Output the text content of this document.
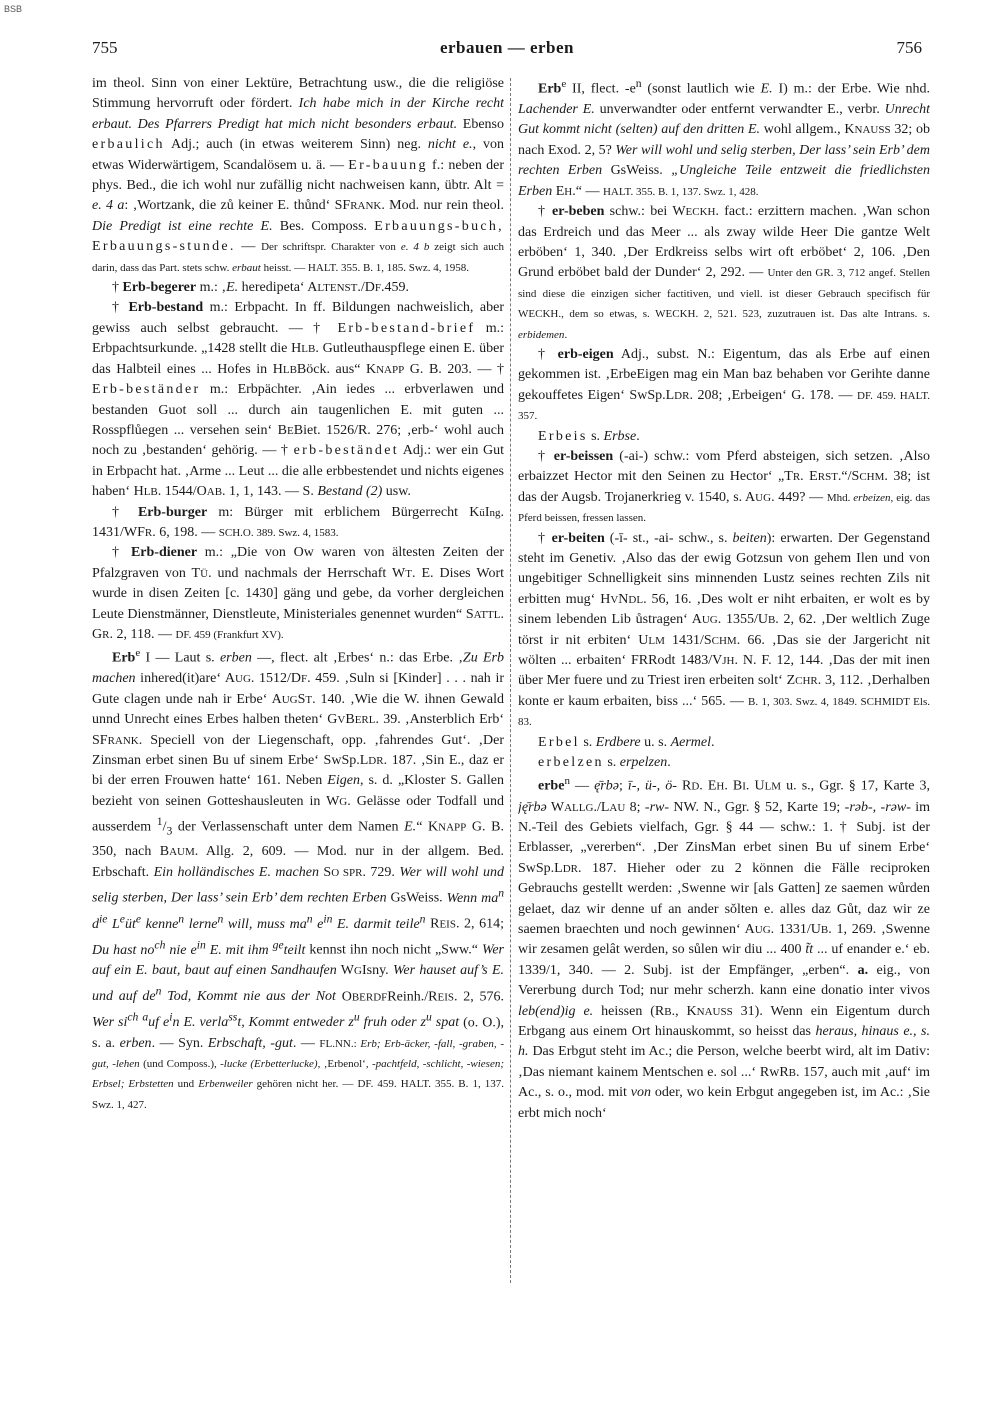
BSB
755	erbauen — erben	756

im theol. Sinn von einer Lektüre, Betrachtung usw., die die religiöse Stimmung hervorruft oder fördert. Ich habe mich in der Kirche recht erbaut. Des Pfarrers Predigt hat mich nicht besonders erbaut. Ebenso erbaulich Adj.; auch (in etwas weiterem Sinn) neg. nicht e., von etwas Widerwärtigem, Scandalösem u. ä. — Er-bauung f.: neben der phys. Bed., die ich wohl nur zufällig nicht nachweisen kann, übtr. Alt = e. 4 a: ‚Wortzank, die zů keiner E. thůnd‘ SFRANK. Mod. nur rein theol. Die Predigt ist eine rechte E. Bes. Composs. Erbauungs-buch, Erbauungs-stunde. — Der schriftspr. Charakter von e. 4 b zeigt sich auch darin, dass das Part. stets schw. erbaut heisst. — HALT. 355. B. 1, 185. Swz. 4, 1958.

† Erb-begerer m.: ‚E. heredipeta‘ ALTENST./DF.459.

† Erb-bestand m.: Erbpacht. In ff. Bildungen nachweislich, aber gewiss auch selbst gebraucht. — † Erb-bestand-brief m.: Erbpachtsurkunde. „1428 stellt die HLB. Gutleuthauspflege einen E. über das Halbteil eines ... Hofes in HLBBöck. aus“ KNAPP G. B. 203. — † Erb-beständer m.: Erbpächter. ‚Ain iedes ... erbverlawen und bestanden Guot soll ... durch ain taugenlichen E. mit guten ... Rosspflůegen ... versehen sein‘ BEBiet. 1526/R. 276; ‚erb-‘ wohl auch noch zu ‚bestanden‘ gehörig. — † erb-beständet Adj.: wer ein Gut in Erbpacht hat. ‚Arme ... Leut ... die alle erbbestendet und nichts eigenes haben‘ HLB. 1544/OAB. 1, 1, 143. — S. Bestand (2) usw.

† Erb-burger m: Bürger mit erblichem Bürgerrecht KüIng. 1431/WFR. 6, 198. — SCH.O. 389. Swz. 4, 1583.

† Erb-diener m.: „Die von Ow waren von ältesten Zeiten der Pfalzgraven von TÜ. und nachmals der Herrschaft WT. E. Dises Wort wurde in disen Zeiten [c. 1430] gäng und gebe, da vorher dergleichen Leute Dienstmänner, Dienstleute, Ministeriales genennet wurden“ SATTL. GR. 2, 118. — DF. 459 (Frankfurt XV).

Erb$^e$ I — Laut s. erben —, flect. alt ‚Erbes‘ n.: das Erbe. ‚Zu Erb machen inhered(it)are‘ AUG. 1512/DF. 459. ‚Suln si [Kinder] . . . nah ir Gute clagen unde nah ir Erbe‘ AUGST. 140. ‚Wie die W. ihnen Gewald unnd Unrecht eines Erbes halben theten‘ GVBERL. 39. ‚Ansterblich Erb‘ SFRANK. Speciell von der Liegenschaft, opp. ‚fahrendes Gut‘. ‚Der Zinsman erbet sinen Bu uf sinem Erbe‘ SwSp.LDR. 187. ‚Sin E., daz er bi der erren Frouwen hatte‘ 161. Neben Eigen, s. d. „Kloster S. Gallen bezieht von seinen Gotteshausleuten in WG. Gelässe oder Todfall und ausserdem $^1/_3$ der Verlassenschaft unter dem Namen E.“ KNAPP G. B. 350, nach BAUM. Allg. 2, 609. — Mod. nur in der allgem. Bed. Erbschaft. Ein holländisches E. machen SO SPR. 729. Wer will wohl und selig sterben, Der lass’ sein Erb’ dem rechten Erben GsWeiss. Wenn $ma^n$ $d^{ie}$ $Leüt^e$ kenne$^n$ lerne$^n$ will, muss $ma^n$ $e^{in}$ E. darmit teile$^n$ REIS. 2, 614; Du hast $no^{ch}$ nie $e^{in}$ E. mit ihm $^{ge}$teilt kennst ihn noch nicht „Sww.“ Wer auf ein E. baut, baut auf einen Sandhaufen WGIsny. Wer hauset auf’s E. und auf $de^n$ Tod, Kommt nie aus der Not OBERDFReinh./REIS. 2, 576. Wer $si^{ch}$ $^a$uf $e^in$ E. verla$^{ss}$t, Kommt entweder $z^u$ fruh oder $z^u$ spat (o. O.), s. a. erben. — Syn. Erbschaft, -gut. — FL.NN.: Erb; Erb-äcker, -fall, -graben, -gut, -lehen (und Composs.), -lucke (Erbetterlucke), ‚Erbenol‘, -pachtfeld, -schlicht, -wiesen; Erbsel; Erbstetten und Erbenweiler gehören nicht her. — DF. 459. HALT. 355. B. 1, 137. Swz. 1, 427.

Erb$^e$ II, flect. $-e^n$ (sonst lautlich wie E. I) m.: der Erbe. Wie nhd. Lachender E. unverwandter oder entfernt verwandter E., verbr. Unrecht Gut kommt nicht (selten) auf den dritten E. wohl allgem., KNAUSS 32; ob nach Exod. 2, 5? Wer will wohl und selig sterben, Der lass’ sein Erb’ dem rechten Erben GsWeiss. „Ungleiche Teile entzweit die friedlichsten Erben EH.“ — HALT. 355. B. 1, 137. Swz. 1, 428.

† er-beben schw.: bei WECKH. fact.: erzittern machen. ‚Wan schon das Erdreich und das Meer ... als zway wilde Heer Die gantze Welt erböben‘ 1, 340. ‚Der Erdkreiss selbs wirt oft erböbet‘ 2, 106. ‚Den Grund erböbet bald der Dunder‘ 2, 292. — Unter den GR. 3, 712 angef. Stellen sind diese die einzigen sicher factitiven, und viell. ist dieser Gebrauch specifisch für WECKH., dem so etwas, s. WECKH. 2, 521. 523, zuzutrauen ist. Das alte Intrans. s. erbidemen.

† erb-eigen Adj., subst. N.: Eigentum, das als Erbe auf einen gekommen ist. ‚ErbeEigen mag ein Man baz behaben vor Gerihte danne gekouffetes Eigen‘ SwSp.LDR. 208; ‚Erbeigen‘ G. 178. — DF. 459. HALT. 357.

Erbeis s. Erbse.

† er-beissen (-ai-) schw.: vom Pferd absteigen, sich setzen. ‚Also erbaizzet Hector mit den Seinen zu Hector‘ „TR. ERST.“/SCHM. 38; ist das der Augsb. Trojanerkrieg v. 1540, s. AUG. 449? — Mhd. erbeizen, eig. das Pferd beissen, fressen lassen.

† er-beiten (-ī- st., -ai- schw., s. beiten): erwarten. Der Gegenstand steht im Genetiv. ‚Also das der ewig Gotzsun von gehem Ilen und von ungebitiger Schnelligkeit sins minnenden Lustz seines rechten Zils nit erbitten mug‘ HVNDL. 56, 16. ‚Des wolt er niht erbaiten, er wolt es by sinem lebenden Lib ůstragen‘ AUG. 1355/UB. 2, 62. ‚Der weltlich Zuge törst ir nit erbiten‘ ULM 1431/SCHM. 66. ‚Das sie der Jargericht nit wölten ... erbaiten‘ FRRodt 1483/VJH. N. F. 12, 144. ‚Das der mit inen über Mer fuere und zu Triest iren erbeiten solt‘ ZCHR. 3, 112. ‚Derhalben konte er kaum erbaiten, biss ...‘ 565. — B. 1, 303. Swz. 4, 1849. SCHMIDT Els. 83.

Erbel s. Erdbere u. s. Aermel.

erbelzen s. erpelzen.

erbe$^n$ — ę̄rbə; ī-, ü-, ö- RD. EH. BI. ULM u. s., Ggr. § 17, Karte 3, ję̄rbə WALLG./LAU 8; -rw- NW. N., Ggr. § 52, Karte 19; -rəb-, -rəw- im N.-Teil des Gebiets vielfach, Ggr. § 44 — schw.: 1. † Subj. ist der Erblasser, „vererben“. ‚Der ZinsMan erbet sinen Bu uf sinem Erbe‘ SwSp.LDR. 187. Hieher oder zu 2 können die Fälle reciproken Gebrauchs gestellt werden: ‚Swenne wir [als Gatten] ze saemen wůrden gelaet, daz wir denne uf an ander sŏlten e. alles daz Gůt, daz wir ze saemen braechten und noch gewinnen‘ AUG. 1331/UB. 1, 269. ‚Swenne wir zesamen gelât werden, so sůlen wir diu ... 400 t̃t ... uf enander e.‘ eb. 1339/1, 340. — 2. Subj. ist der Empfänger, „erben“. a. eig., von Vererbung durch Tod; nur mehr scherzh. kann eine donatio inter vivos leb(end)ig e. heissen (RB., KNAUSS 31). Wenn ein Eigentum durch Erbgang aus einem Ort hinauskommt, so heisst das heraus, hinaus e., s. h. Das Erbgut steht im Ac.; die Person, welche beerbt wird, alt im Dativ: ‚Das niemant kainem Mentschen e. sol ...‘ RwRB. 157, auch mit ‚auf‘ im Ac., s. o., mod. mit von oder, wo kein Erbgut angegeben ist, im Ac.: ‚Sie erbt mich noch‘
